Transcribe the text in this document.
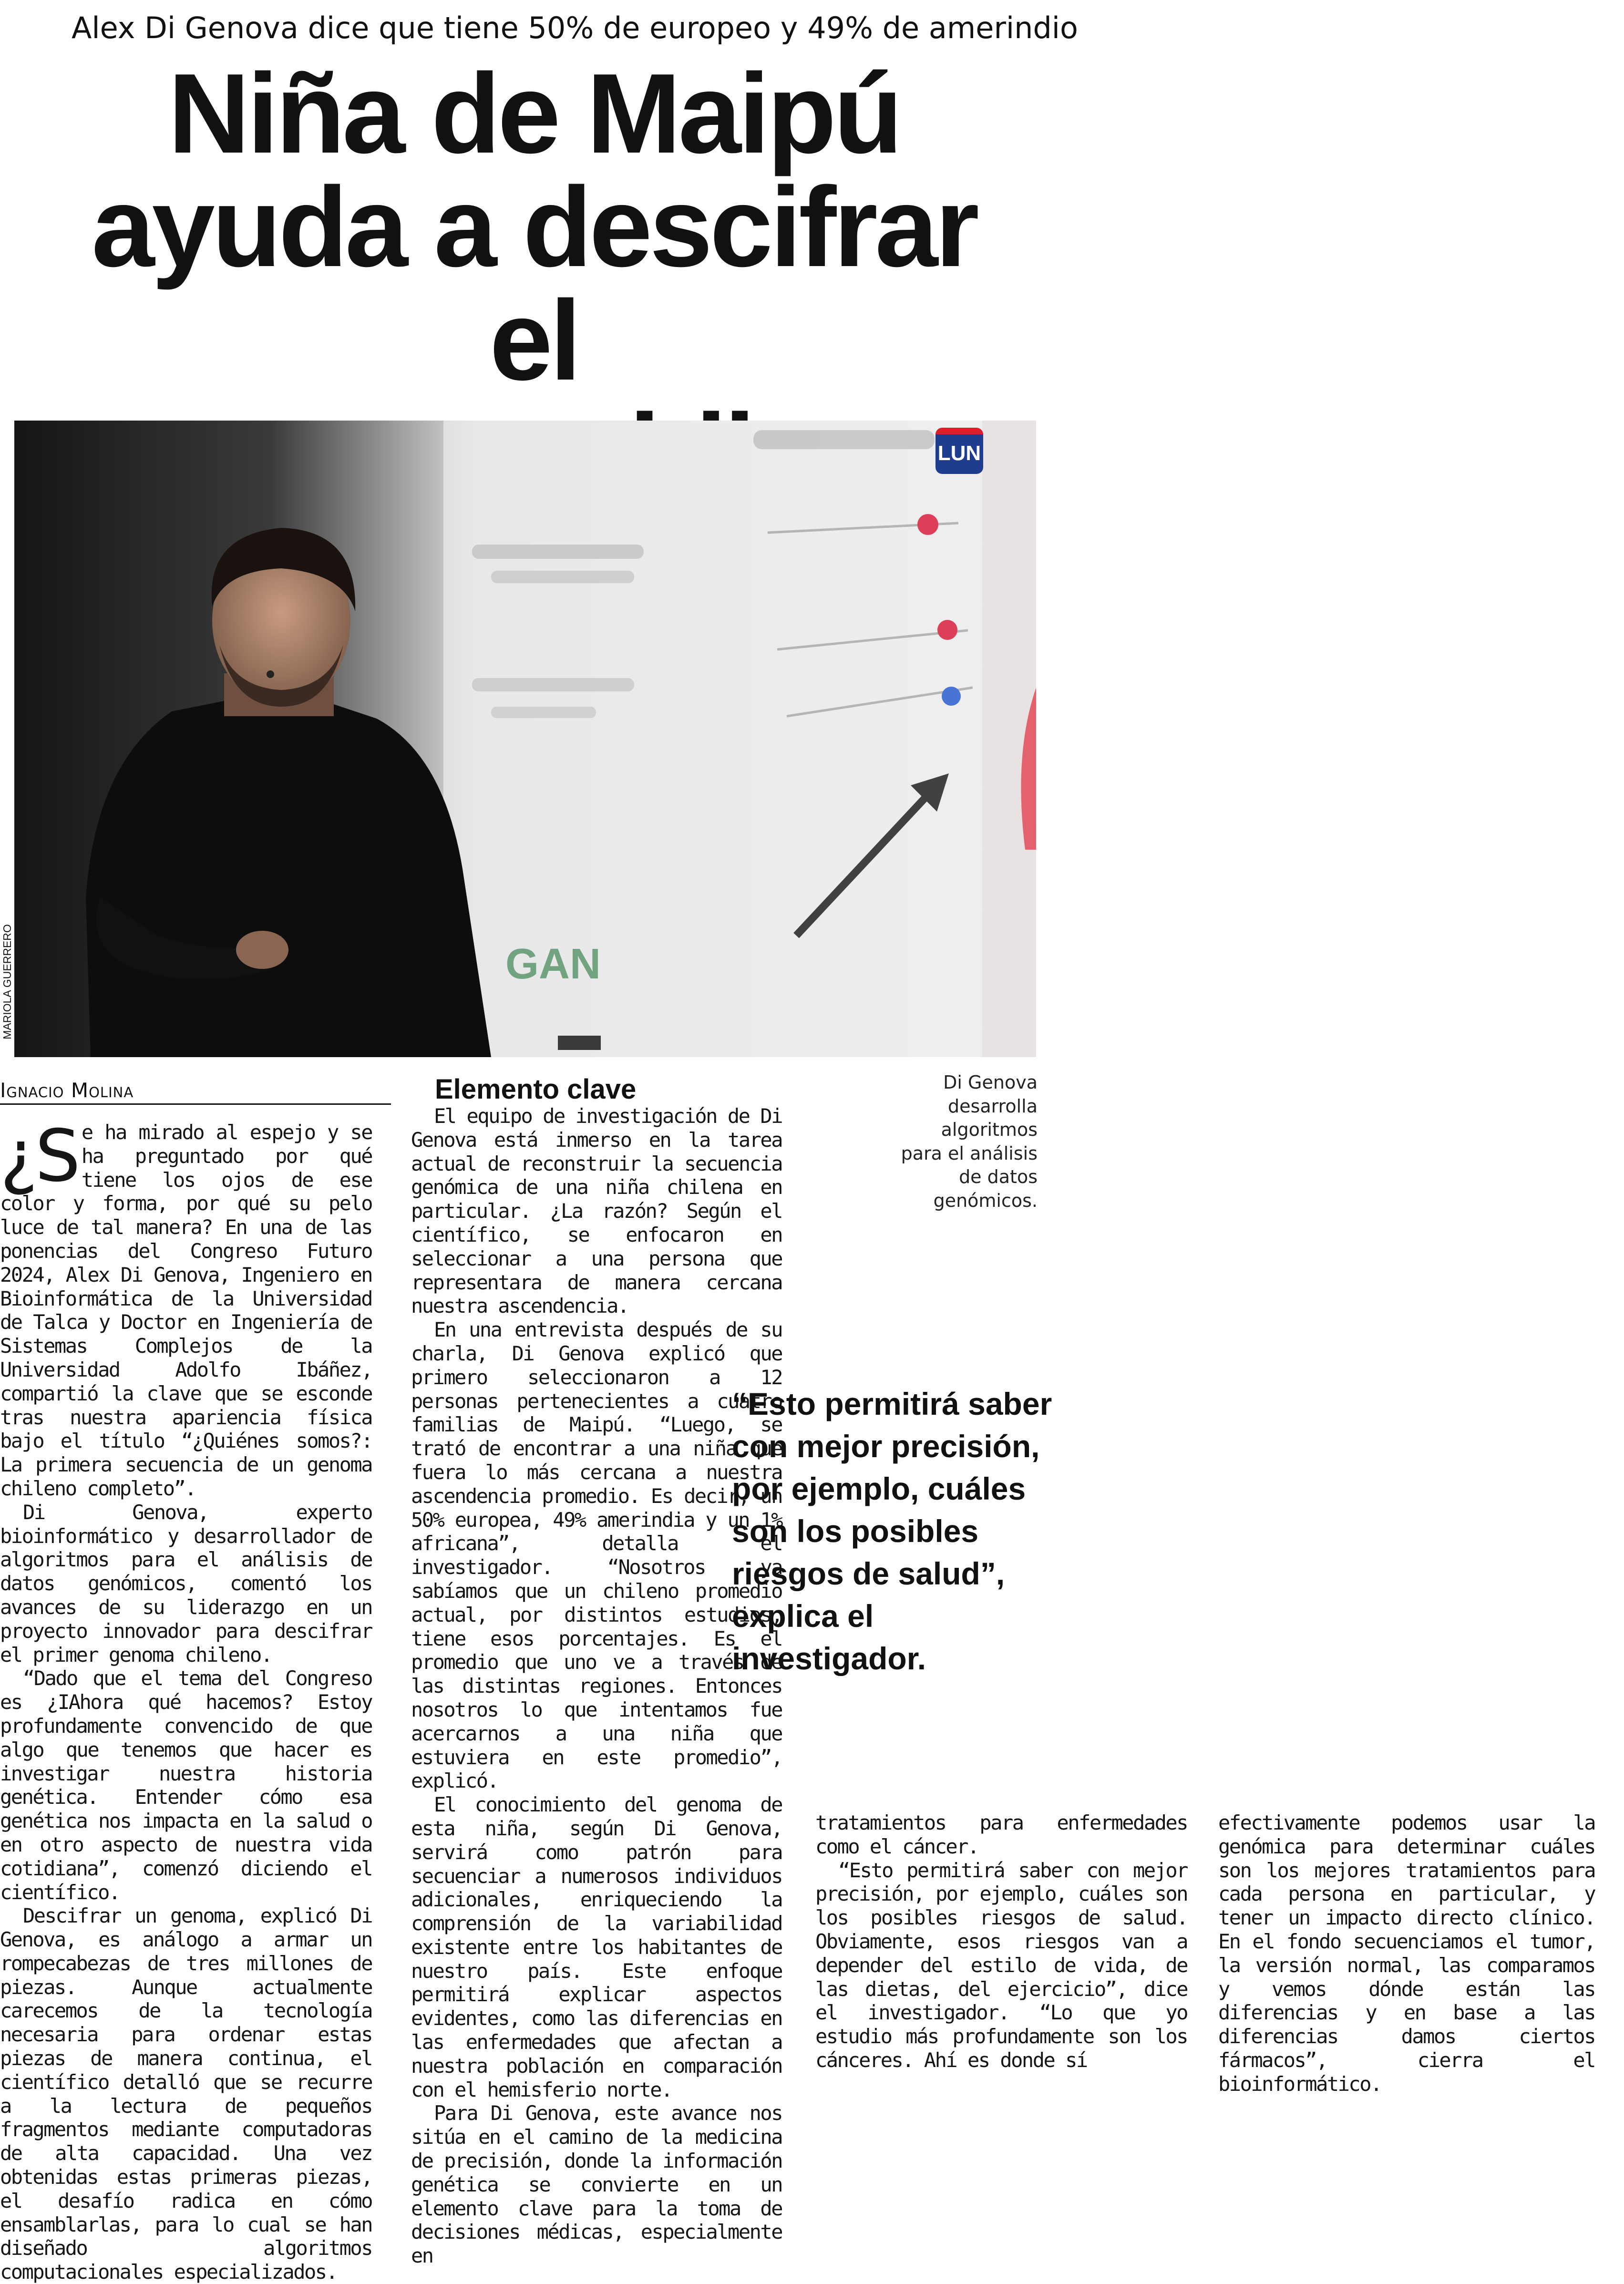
Alex Di Genova dice que tiene 50% de europeo y 49% de amerindio
Niña de Maipú
ayuda a descifrar el
GAN
LUN
MARIOLA GUERRERO
Ignacio Molina

¿S e ha mirado al espejo y se ha preguntado por qué tiene los ojos de ese color y forma, por qué su pelo luce de tal manera? En una de las ponencias del Congreso Futuro 2024, Alex Di Genova, Ingeniero en Bioinformática de la Universidad de Talca y Doctor en Ingeniería de Sistemas Complejos de la Universidad Adolfo Ibáñez, compartió la clave que se esconde tras nuestra apariencia física bajo el título “¿Quiénes somos?: La primera secuencia de un genoma chileno completo”.

Di Genova, experto bioinformático y desarrollador de algoritmos para el análisis de datos genómicos, comentó los avances de su liderazgo en un proyecto innovador para descifrar el primer genoma chileno.

“Dado que el tema del Congreso es ¿IAhora qué hacemos? Estoy profundamente convencido de que algo que tenemos que hacer es investigar nuestra historia genética. Entender cómo esa genética nos impacta en la salud o en otro aspecto de nuestra vida cotidiana”, comenzó diciendo el científico.

Descifrar un genoma, explicó Di Genova, es análogo a armar un rompecabezas de tres millones de piezas. Aunque actualmente carecemos de la tecnología necesaria para ordenar estas piezas de manera continua, el científico detalló que se recurre a la lectura de pequeños fragmentos mediante computadoras de alta capacidad. Una vez obtenidas estas primeras piezas, el desafío radica en cómo ensamblarlas, para lo cual se han diseñado algoritmos computacionales especializados.

Elemento clave

El equipo de investigación de Di Genova está inmerso en la tarea actual de reconstruir la secuencia genómica de una niña chilena en particular. ¿La razón? Según el científico, se enfocaron en seleccionar a una persona que representara de manera cercana nuestra ascendencia.

En una entrevista después de su charla, Di Genova explicó que primero seleccionaron a 12 personas pertenecientes a cuatro familias de Maipú. “Luego, se trató de encontrar a una niña que fuera lo más cercana a nuestra ascendencia promedio. Es decir, un 50% europea, 49% amerindia y un 1% africana”, detalla el investigador. “Nosotros ya sabíamos que un chileno promedio actual, por distintos estudios, tiene esos porcentajes. Es el promedio que uno ve a través de las distintas regiones. Entonces nosotros lo que intentamos fue acercarnos a una niña que estuviera en este promedio”, explicó.

El conocimiento del genoma de esta niña, según Di Genova, servirá como patrón para secuenciar a numerosos individuos adicionales, enriqueciendo la comprensión de la variabilidad existente entre los habitantes de nuestro país. Este enfoque permitirá explicar aspectos evidentes, como las diferencias en las enfermedades que afectan a nuestra población en comparación con el hemisferio norte.

Para Di Genova, este avance nos sitúa en el camino de la medicina de precisión, donde la información genética se convierte en un elemento clave para la toma de decisiones médicas, especialmente en

Di Genova
desarrolla
algoritmos
para el análisis
de datos
genómicos.
“Esto permitirá saber con mejor precisión, por ejemplo, cuáles son los posibles riesgos de salud”, explica el investigador.

tratamientos para enfermedades como el cáncer.

“Esto permitirá saber con mejor precisión, por ejemplo, cuáles son los posibles riesgos de salud. Obviamente, esos riesgos van a depender del estilo de vida, de las dietas, del ejercicio”, dice el investigador. “Lo que yo estudio más profundamente son los cánceres. Ahí es donde sí

efectivamente podemos usar la genómica para determinar cuáles son los mejores tratamientos para cada persona en particular, y tener un impacto directo clínico. En el fondo secuenciamos el tumor, la versión normal, las comparamos y vemos dónde están las diferencias y en base a las diferencias damos ciertos fármacos”, cierra el bioinformático.
